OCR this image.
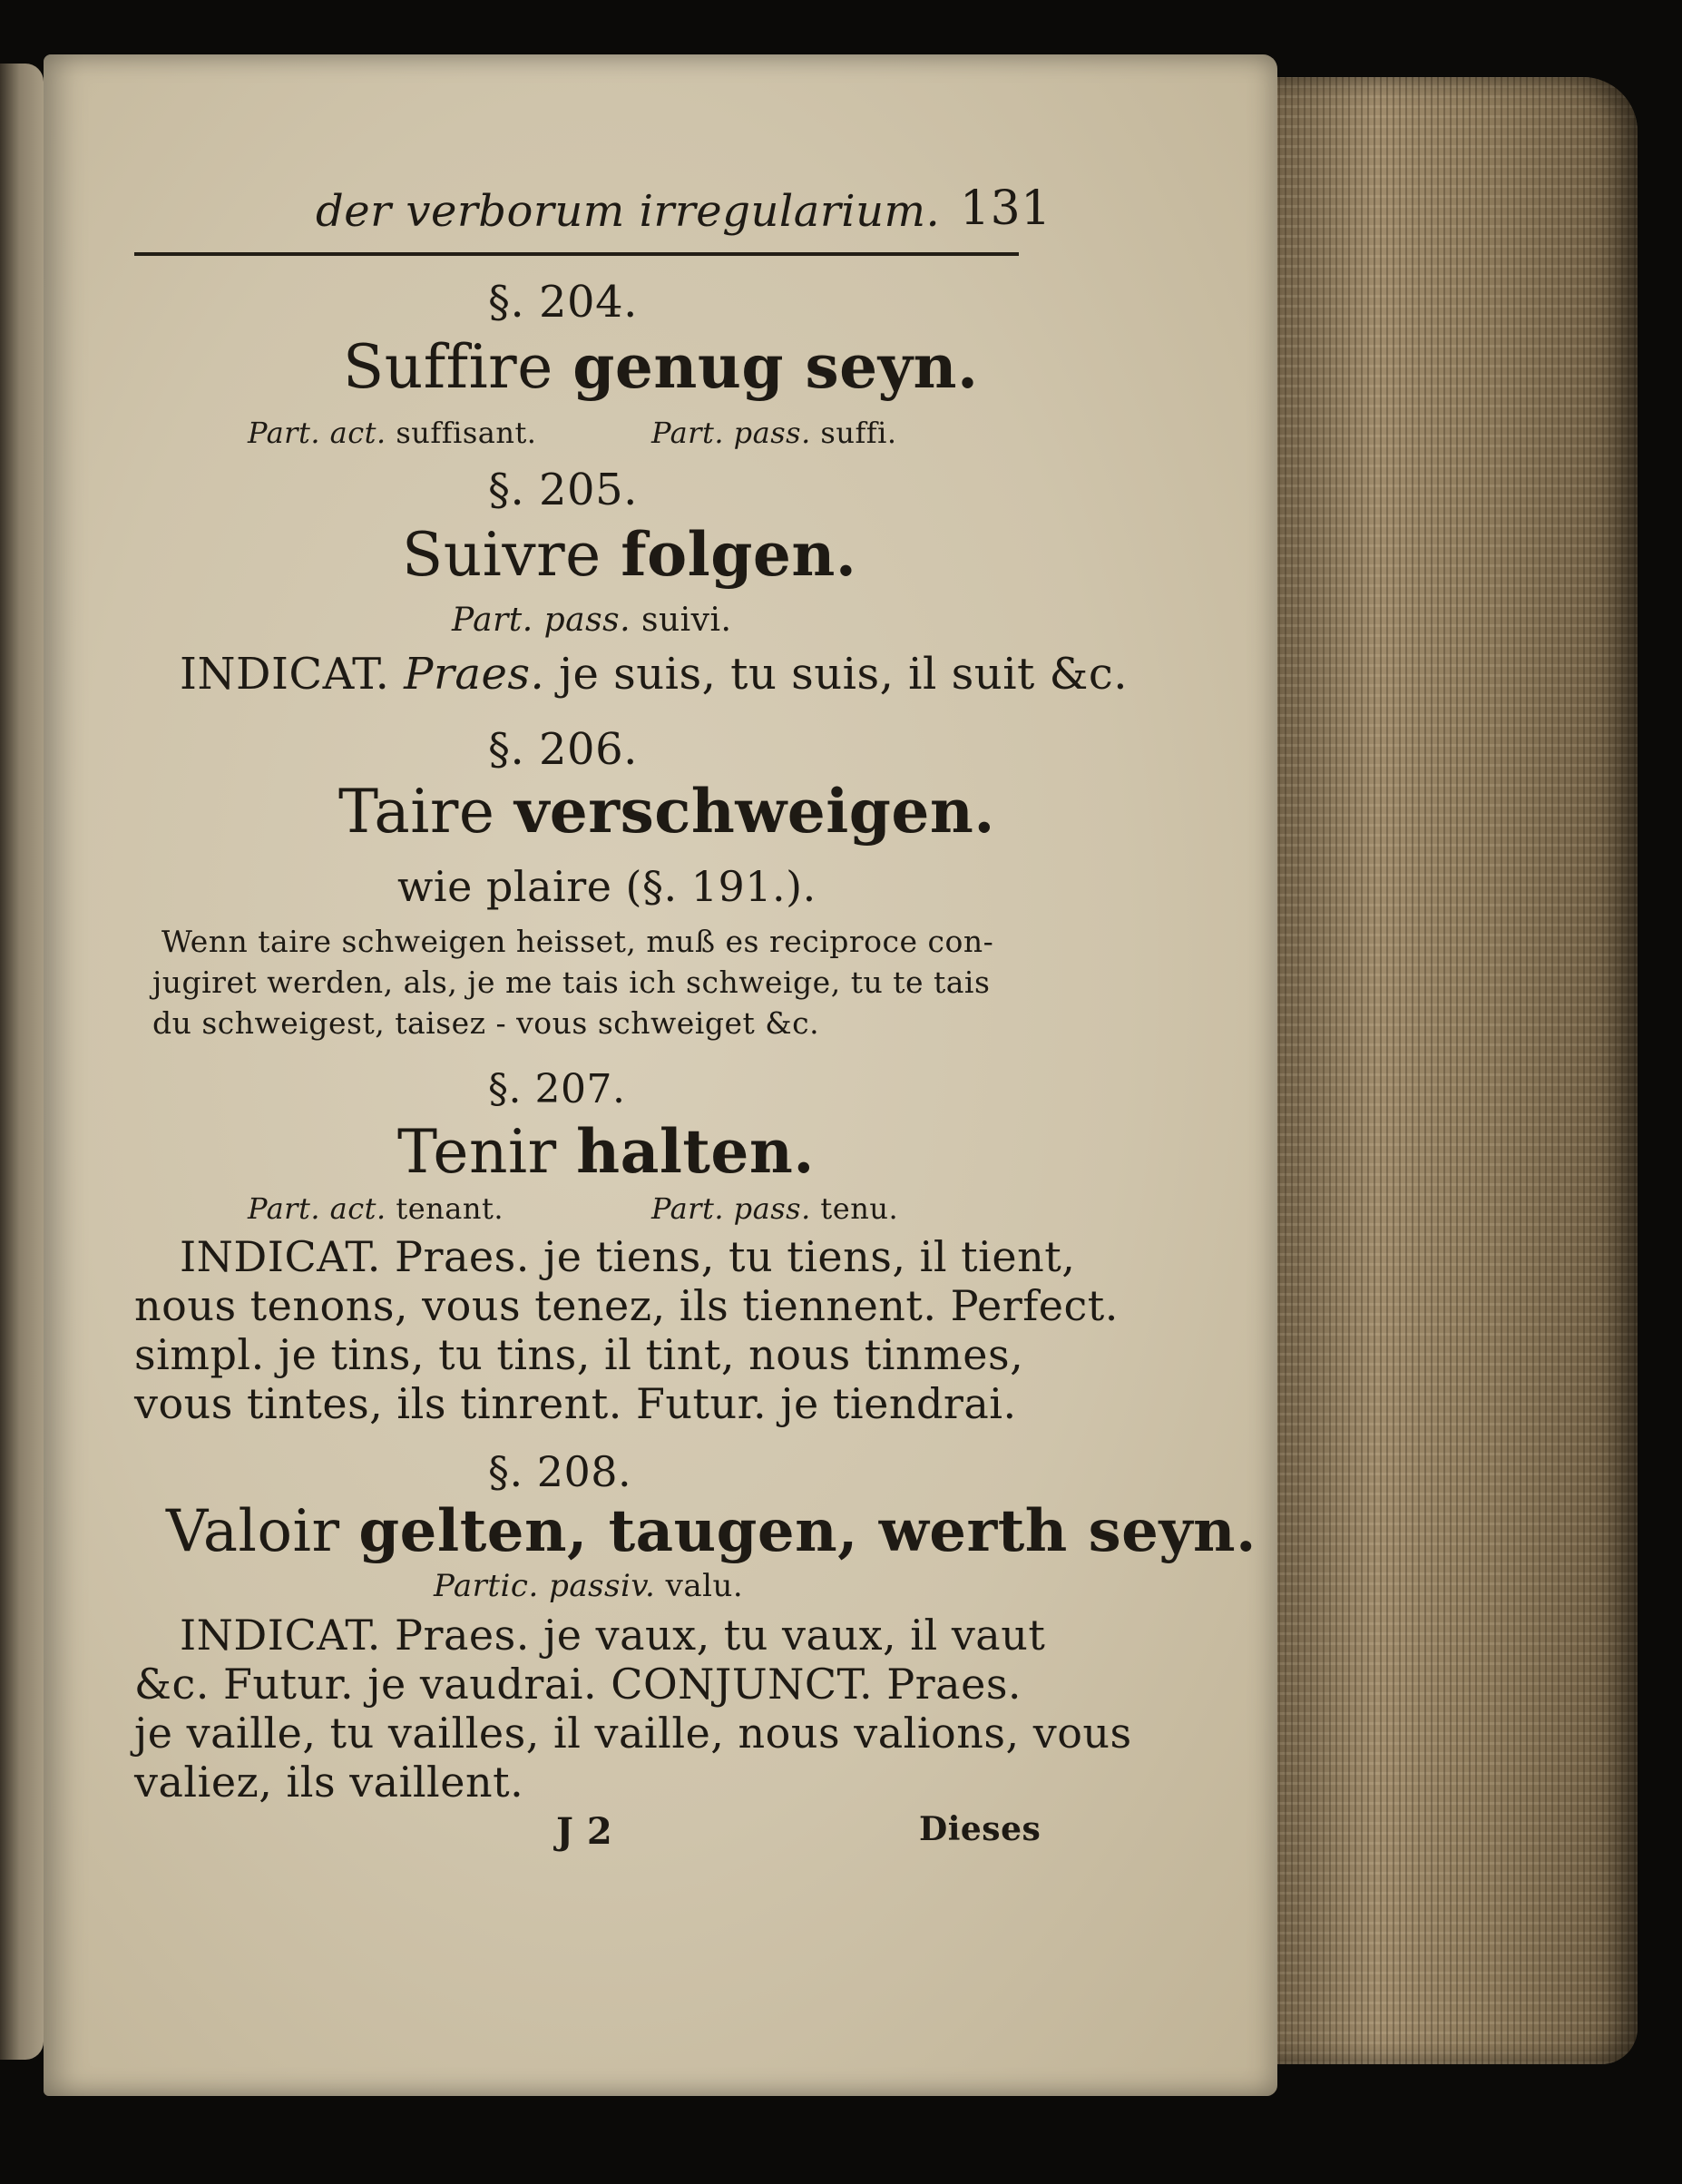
der verborum irregularium. 131

§. 204.

Suffire genug seyn.

Part. act. suffisant.	Part. pass. suffi.

§. 205.

Suivre folgen.

Part. pass. suivi.

INDICAT. Praes. je suis, tu suis, il suit &c.

§. 206.

Taire verschweigen.

wie plaire (§. 191.).

Wenn taire schweigen heisset, muß es reciproce con-

jugiret werden, als, je me tais ich schweige, tu te tais

du schweigest, taisez - vous schweiget &c.

§. 207.

Tenir halten.

Part. act. tenant.	Part. pass. tenu.

INDICAT. Praes. je tiens, tu tiens, il tient,

nous tenons, vous tenez, ils tiennent. Perfect.

simpl. je tins, tu tins, il tint, nous tinmes,

vous tintes, ils tinrent. Futur. je tiendrai.

§. 208.

Valoir gelten, taugen, werth seyn.

Partic. passiv. valu.

INDICAT. Praes. je vaux, tu vaux, il vaut

&c. Futur. je vaudrai. CONJUNCT. Praes.

je vaille, tu vailles, il vaille, nous valions, vous

valiez, ils vaillent.

J 2	Dieses
